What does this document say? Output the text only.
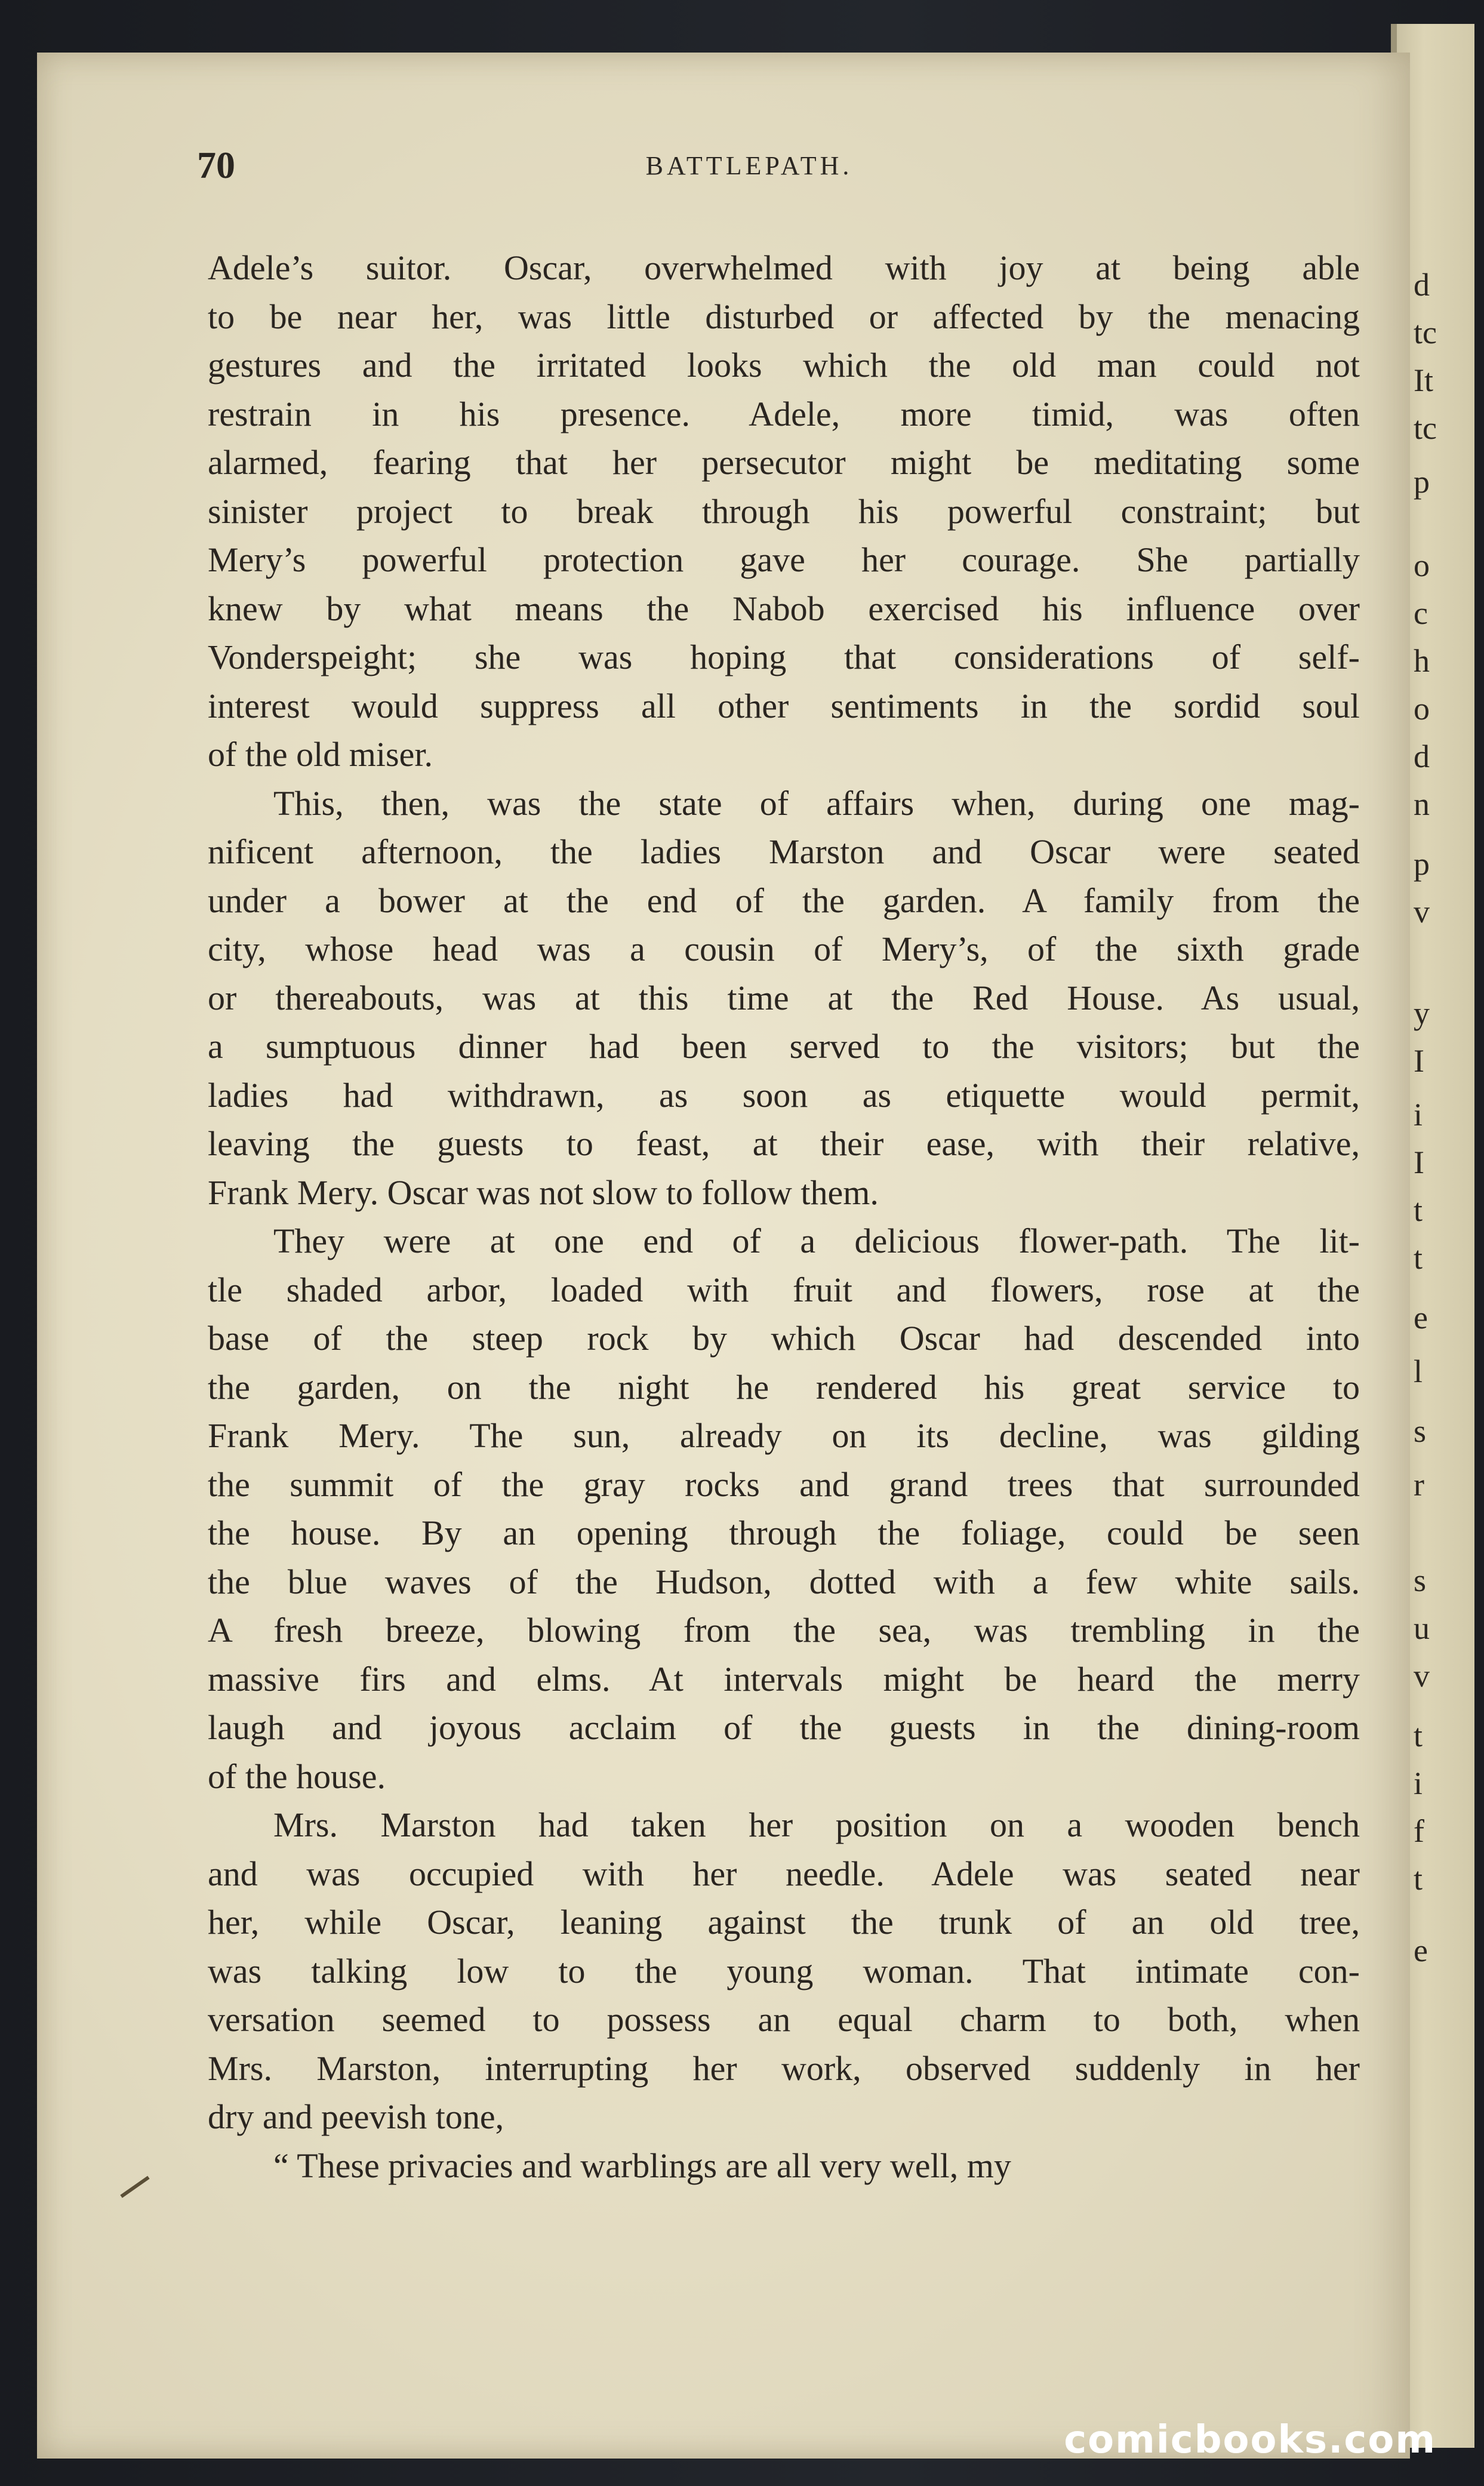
d
tc
It
tc
p
o
c
h
o
d
n
p
v
y
I
i
I
t
t
e
l
s
r
s
u
v
t
i
f
t
e
70	BATTLEPATH.
Adele’s suitor. Oscar, overwhelmed with joy at being able
to be near her, was little disturbed or affected by the menacing
gestures and the irritated looks which the old man could not
restrain in his presence. Adele, more timid, was often
alarmed, fearing that her persecutor might be meditating some
sinister project to break through his powerful constraint; but
Mery’s powerful protection gave her courage. She partially
knew by what means the Nabob exercised his influence over
Vonderspeight; she was hoping that considerations of self-
interest would suppress all other sentiments in the sordid soul
of the old miser.
This, then, was the state of affairs when, during one mag-
nificent afternoon, the ladies Marston and Oscar were seated
under a bower at the end of the garden. A family from the
city, whose head was a cousin of Mery’s, of the sixth grade
or thereabouts, was at this time at the Red House. As usual,
a sumptuous dinner had been served to the visitors; but the
ladies had withdrawn, as soon as etiquette would permit,
leaving the guests to feast, at their ease, with their relative,
Frank Mery. Oscar was not slow to follow them.
They were at one end of a delicious flower-path. The lit-
tle shaded arbor, loaded with fruit and flowers, rose at the
base of the steep rock by which Oscar had descended into
the garden, on the night he rendered his great service to
Frank Mery. The sun, already on its decline, was gilding
the summit of the gray rocks and grand trees that surrounded
the house. By an opening through the foliage, could be seen
the blue waves of the Hudson, dotted with a few white sails.
A fresh breeze, blowing from the sea, was trembling in the
massive firs and elms. At intervals might be heard the merry
laugh and joyous acclaim of the guests in the dining-room
of the house.
Mrs. Marston had taken her position on a wooden bench
and was occupied with her needle. Adele was seated near
her, while Oscar, leaning against the trunk of an old tree,
was talking low to the young woman. That intimate con-
versation seemed to possess an equal charm to both, when
Mrs. Marston, interrupting her work, observed suddenly in her
dry and peevish tone,
“ These privacies and warblings are all very well, my
comicbooks.com
